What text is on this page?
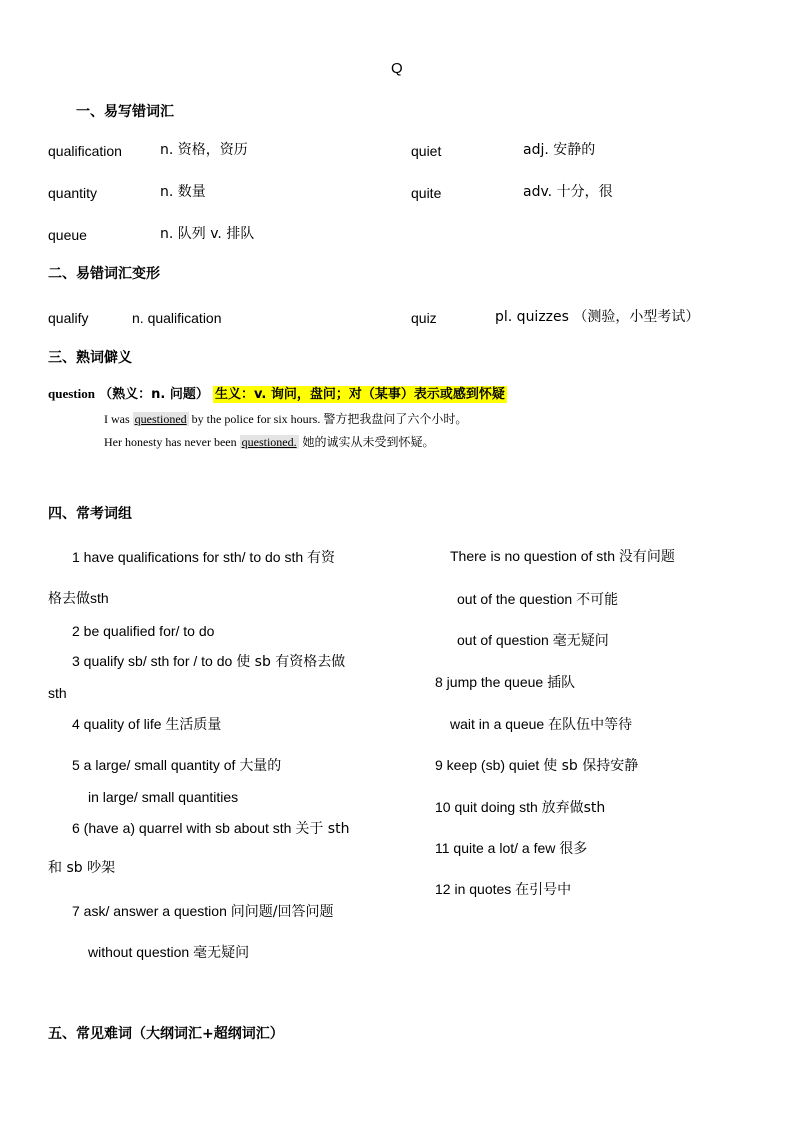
Q
一、易写错词汇
qualification	n. 资格，资历	quiet	adj. 安静的
quantity	n. 数量	quite	adv. 十分，很
queue	n. 队列 v. 排队
二、易错词汇变形
qualify	n. qualification	quiz	pl. quizzes （测验，小型考试）
三、熟词僻义
question （熟义：n. 问题） 生义：v. 询问，盘问；对（某事）表示或感到怀疑
I was questioned by the police for six hours. 警方把我盘问了六个小时。
Her honesty has never been questioned. 她的诚实从未受到怀疑。
四、常考词组
1 have qualifications for sth/ to do sth 有资
格去做sth
2 be qualified for/ to do
3 qualify sb/ sth for / to do 使 sb 有资格去做
sth
4 quality of life 生活质量
5 a large/ small quantity of 大量的
in large/ small quantities
6 (have a) quarrel with sb about sth 关于 sth
和 sb 吵架
7 ask/ answer a question 问问题/回答问题
without question 毫无疑问
There is no question of sth 没有问题
out of the question 不可能
out of question 毫无疑问
8 jump the queue 插队
wait in a queue 在队伍中等待
9 keep (sb) quiet 使 sb 保持安静
10 quit doing sth 放弃做sth
11 quite a lot/ a few 很多
12 in quotes 在引号中
五、常见难词（大纲词汇+超纲词汇）
